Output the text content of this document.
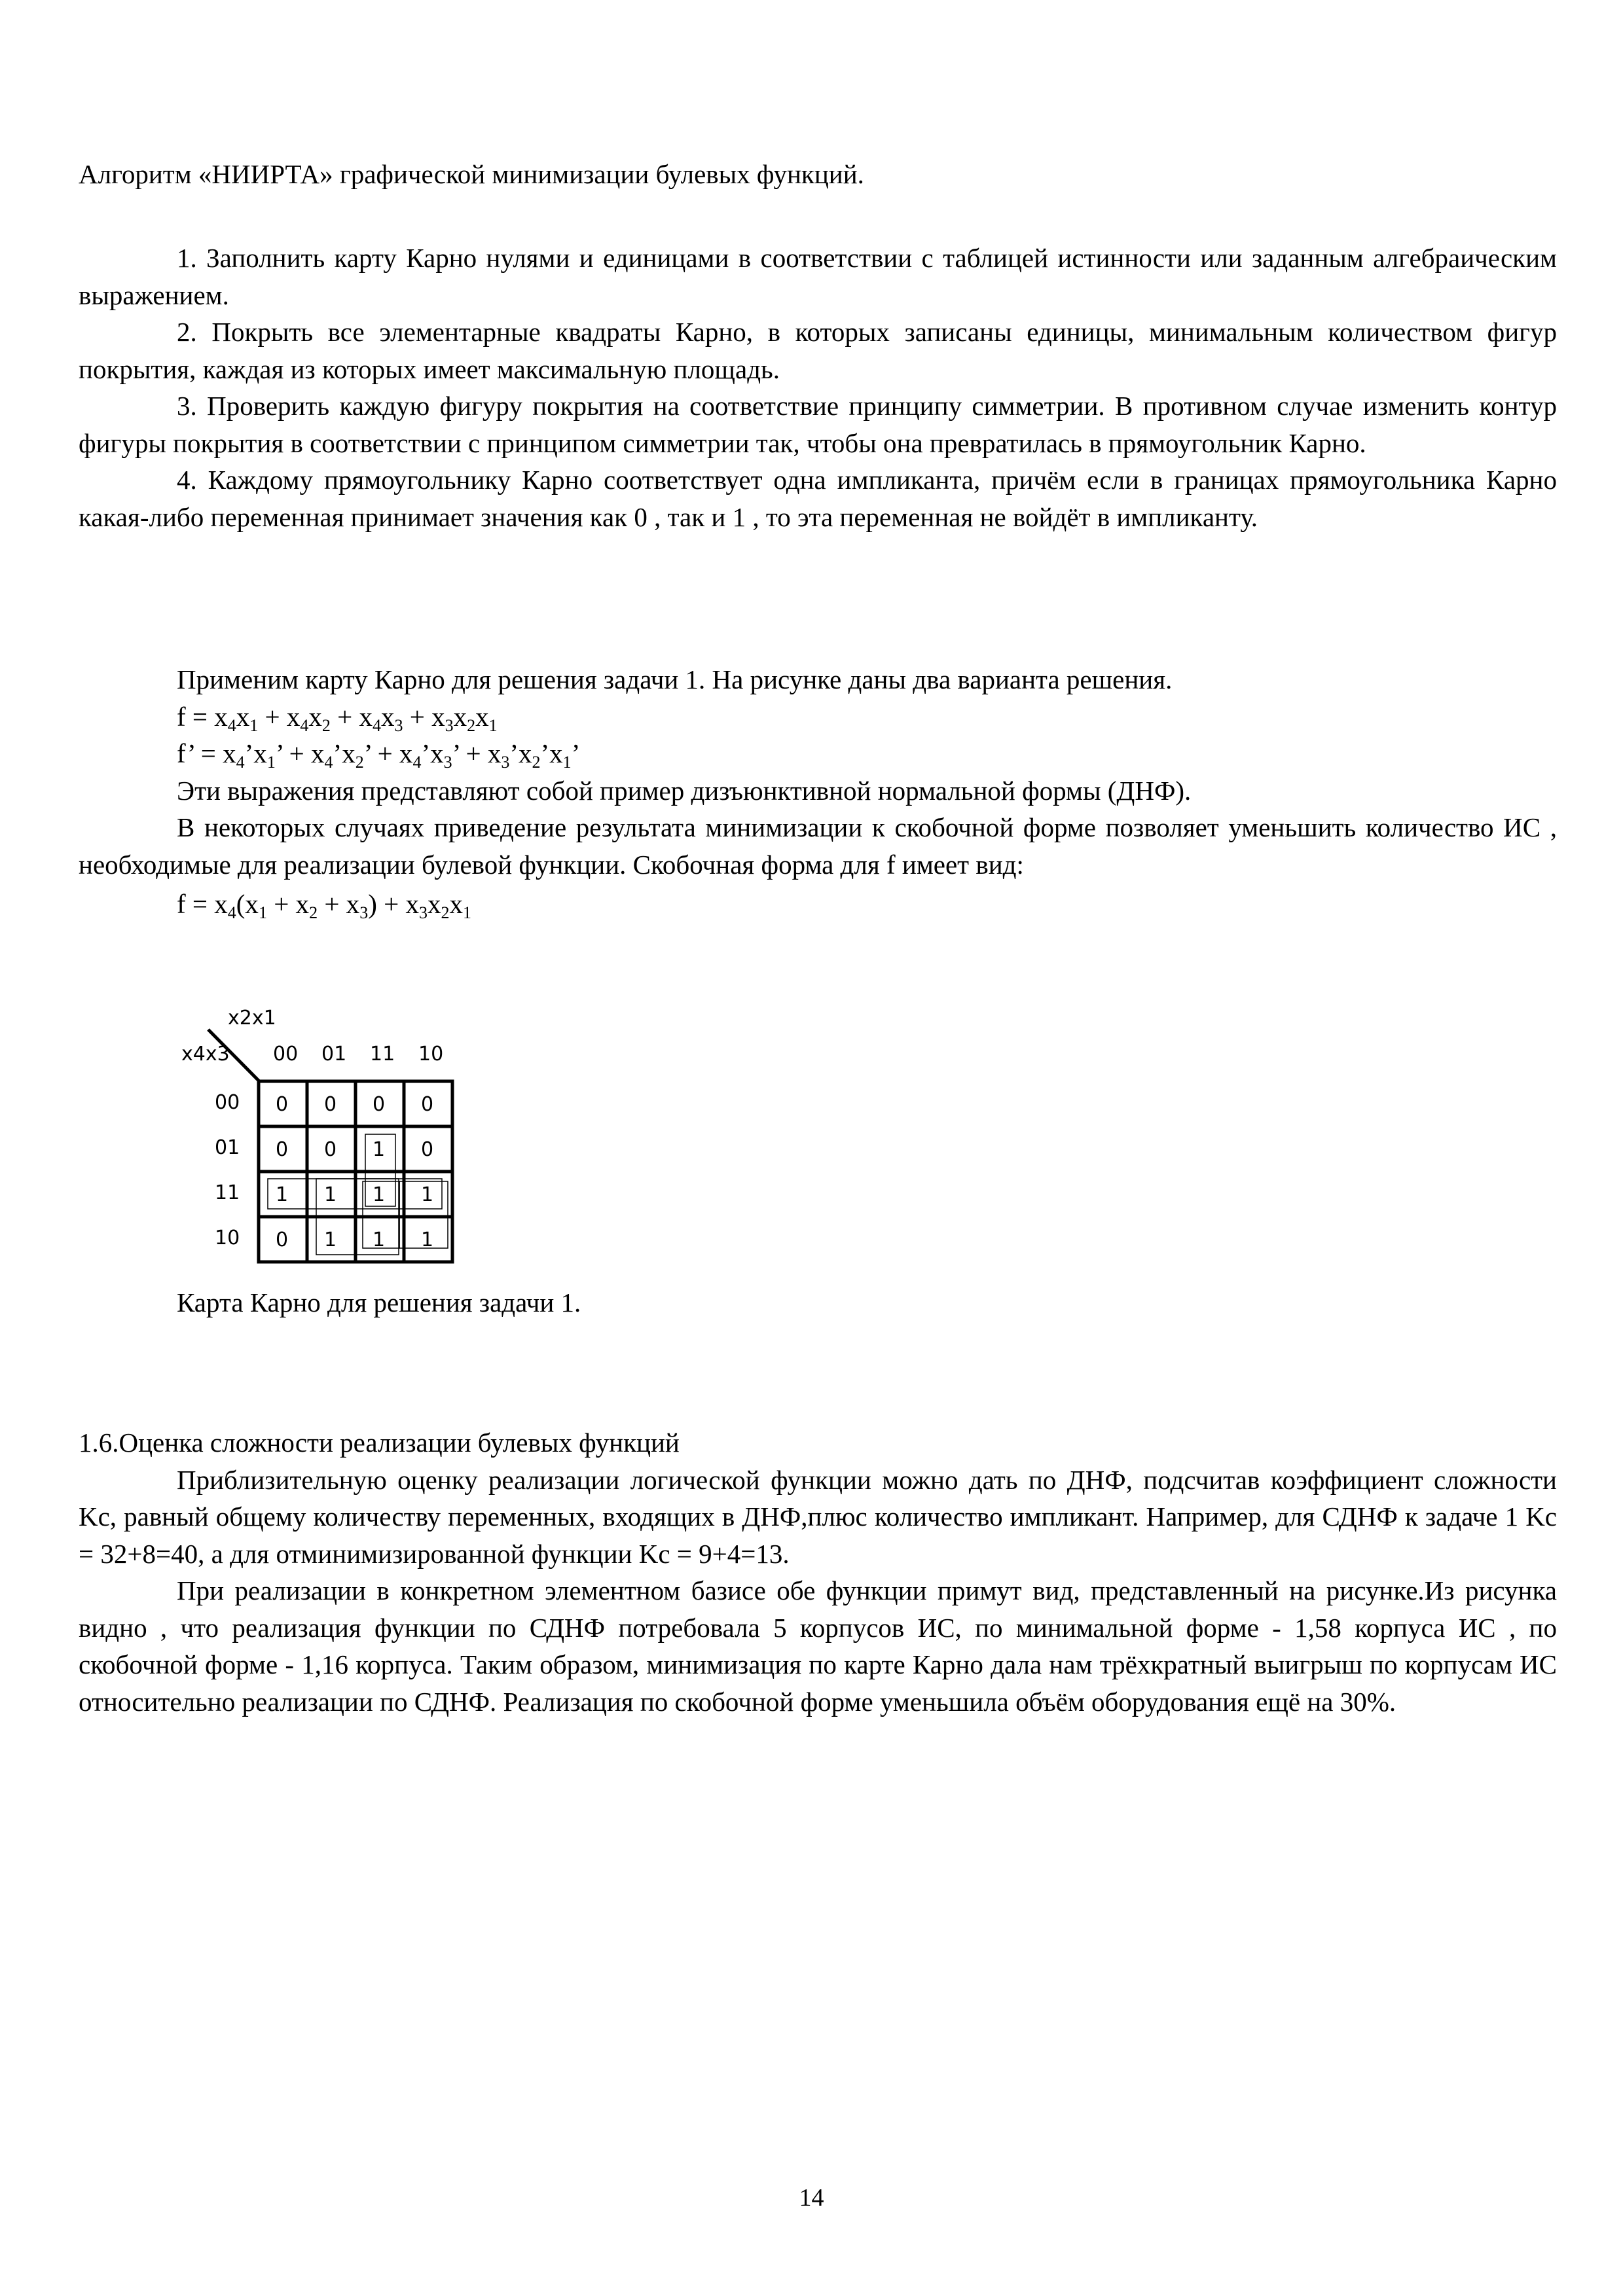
Алгоритм «НИИРТА» графической минимизации булевых функций.

1. Заполнить карту Карно нулями и единицами в соответствии с таблицей истинности или заданным алгебраическим выражением.

2. Покрыть все элементарные квадраты Карно, в которых записаны единицы, минимальным количеством фигур покрытия, каждая из которых имеет максимальную площадь.

3. Проверить каждую фигуру покрытия на соответствие принципу симметрии. В противном случае изменить контур фигуры покрытия в соответствии с принципом симметрии так, чтобы она превратилась в прямоугольник Карно.

4. Каждому прямоугольнику Карно соответствует одна импликанта, причём если в границах прямоугольника Карно какая-либо переменная принимает значения как 0 , так и 1 , то эта переменная не войдёт в импликанту.

Применим карту Карно для решения задачи 1. На рисунке даны два варианта решения.

$f = x_4x_1 + x_4x_2 + x_4x_3 + x_3x_2x_1$

f’ = $x_4’x_1$’ + $x_4’x_2$’ + $x_4’x_3$’ + $x_3’x_2’x_1$’

Эти выражения представляют собой пример дизъюнктивной нормальной формы (ДНФ).

В некоторых случаях приведение результата минимизации к скобочной форме позволяет уменьшить количество ИС , необходимые для реализации булевой функции. Скобочная форма для f имеет вид:

$f = x_4(x_1 + x_2 + x_3) + x_3x_2x_1$

x2x1
x4x3 00 01 11 10
00
01
11
10
0 0 0 0
0 0 1 0
1 1 1 1
0 1 1 1

Карта Карно для решения задачи 1.

1.6.Оценка сложности реализации булевых функций

Приблизительную оценку реализации логической функции можно дать по ДНФ, подсчитав коэффициент сложности Kc, равный общему количеству переменных, входящих в ДНФ,плюс количество импликант. Например, для СДНФ к задаче 1 Kc = 32+8=40, а для отминимизированной функции Kc = 9+4=13.

При реализации в конкретном элементном базисе обе функции примут вид, представленный на рисунке.Из рисунка видно , что реализация функции по СДНФ потребовала 5 корпусов ИС, по минимальной форме - 1,58 корпуса ИС , по скобочной форме - 1,16 корпуса. Таким образом, минимизация по карте Карно дала нам трёхкратный выигрыш по корпусам ИС относительно реализации по СДНФ. Реализация по скобочной форме уменьшила объём оборудования ещё на 30%.

14
